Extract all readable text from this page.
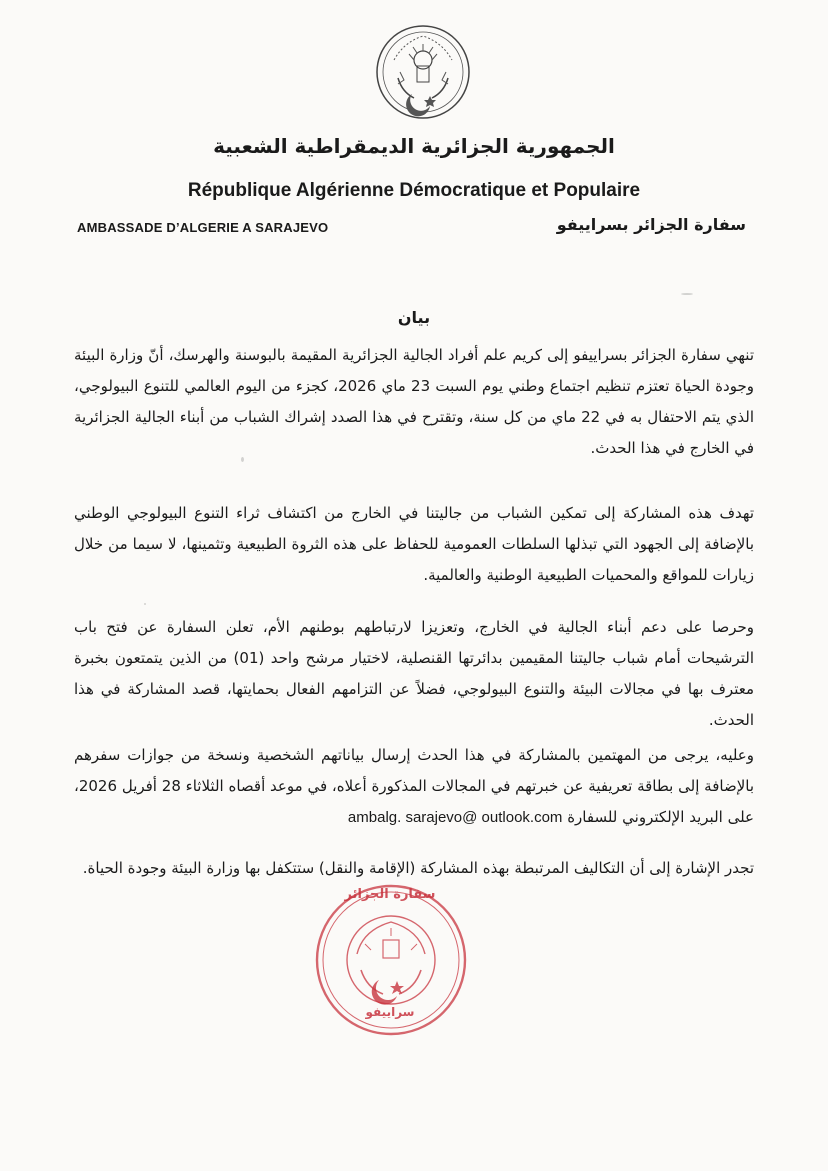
الجمهورية الجزائرية الديمقراطية الشعبية
République Algérienne Démocratique et Populaire
AMBASSADE D’ALGERIE A SARAJEVO	سفارة الجزائر بسراييفو
بيان
تنهي سفارة الجزائر بسراييفو إلى كريم علم أفراد الجالية الجزائرية المقيمة بالبوسنة والهرسك، أنّ وزارة البيئة وجودة الحياة تعتزم تنظيم اجتماع وطني يوم السبت 23 ماي 2026، كجزء من اليوم العالمي للتنوع البيولوجي، الذي يتم الاحتفال به في 22 ماي من كل سنة، وتقترح في هذا الصدد إشراك الشباب من أبناء الجالية الجزائرية في الخارج في هذا الحدث.
تهدف هذه المشاركة إلى تمكين الشباب من جاليتنا في الخارج من اكتشاف ثراء التنوع البيولوجي الوطني بالإضافة إلى الجهود التي تبذلها السلطات العمومية للحفاظ على هذه الثروة الطبيعية وتثمينها، لا سيما من خلال زيارات للمواقع والمحميات الطبيعية الوطنية والعالمية.
وحرصا على دعم أبناء الجالية في الخارج، وتعزيزا لارتباطهم بوطنهم الأم، تعلن السفارة عن فتح باب الترشيحات أمام شباب جاليتنا المقيمين بدائرتها القنصلية، لاختيار مرشح واحد (01) من الذين يتمتعون بخبرة معترف بها في مجالات البيئة والتنوع البيولوجي، فضلاً عن التزامهم الفعال بحمايتها، قصد المشاركة في هذا الحدث.
وعليه، يرجى من المهتمين بالمشاركة في هذا الحدث إرسال بياناتهم الشخصية ونسخة من جوازات سفرهم بالإضافة إلى بطاقة تعريفية عن خبرتهم في المجالات المذكورة أعلاه، في موعد أقصاه الثلاثاء 28 أفريل 2026، على البريد الإلكتروني للسفارة ambalg. sarajevo@ outlook.com
تجدر الإشارة إلى أن التكاليف المرتبطة بهذه المشاركة (الإقامة والنقل) ستتكفل بها وزارة البيئة وجودة الحياة.
سفارة الجزائر
سراييفو
